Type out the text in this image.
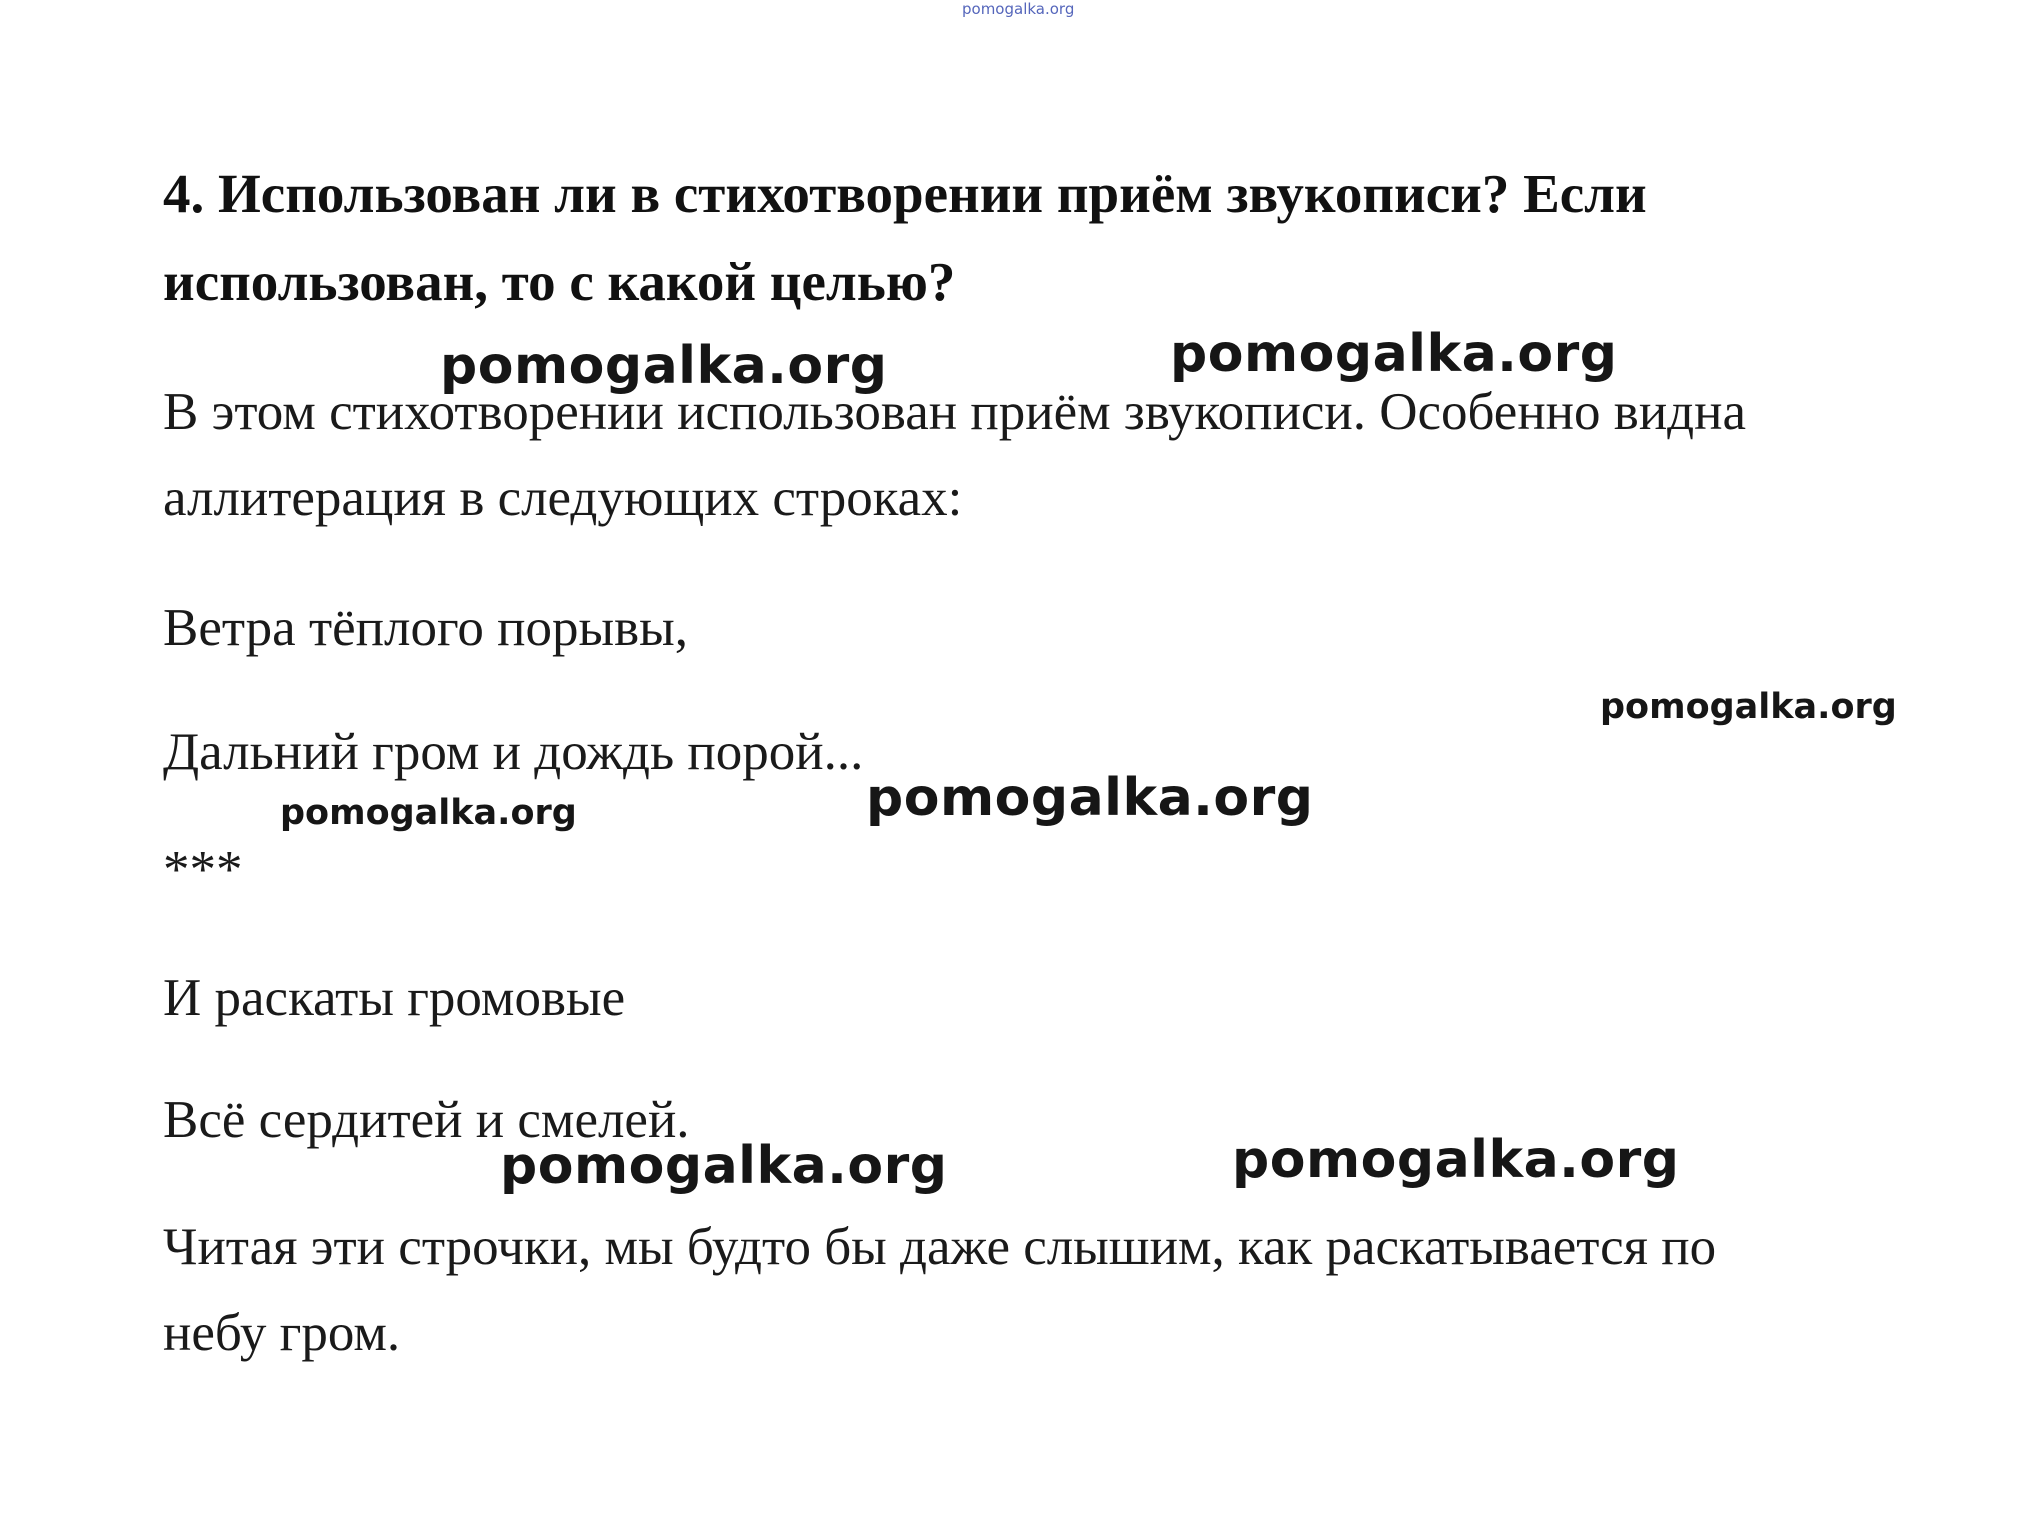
pomogalka.org

4. Использован ли в стихотворении приём звукописи? Если использован, то с какой целью?

В этом стихотворении использован приём звукописи. Особенно видна

аллитерация в следующих строках:

Ветра тёплого порывы,

Дальний гром и дождь порой...

***

И раскаты громовые

Всё сердитей и смелей.

Читая эти строчки, мы будто бы даже слышим, как раскатывается по

небу гром.

pomogalka.org	pomogalka.org
pomogalka.org
pomogalka.org	pomogalka.org
pomogalka.org	pomogalka.org
